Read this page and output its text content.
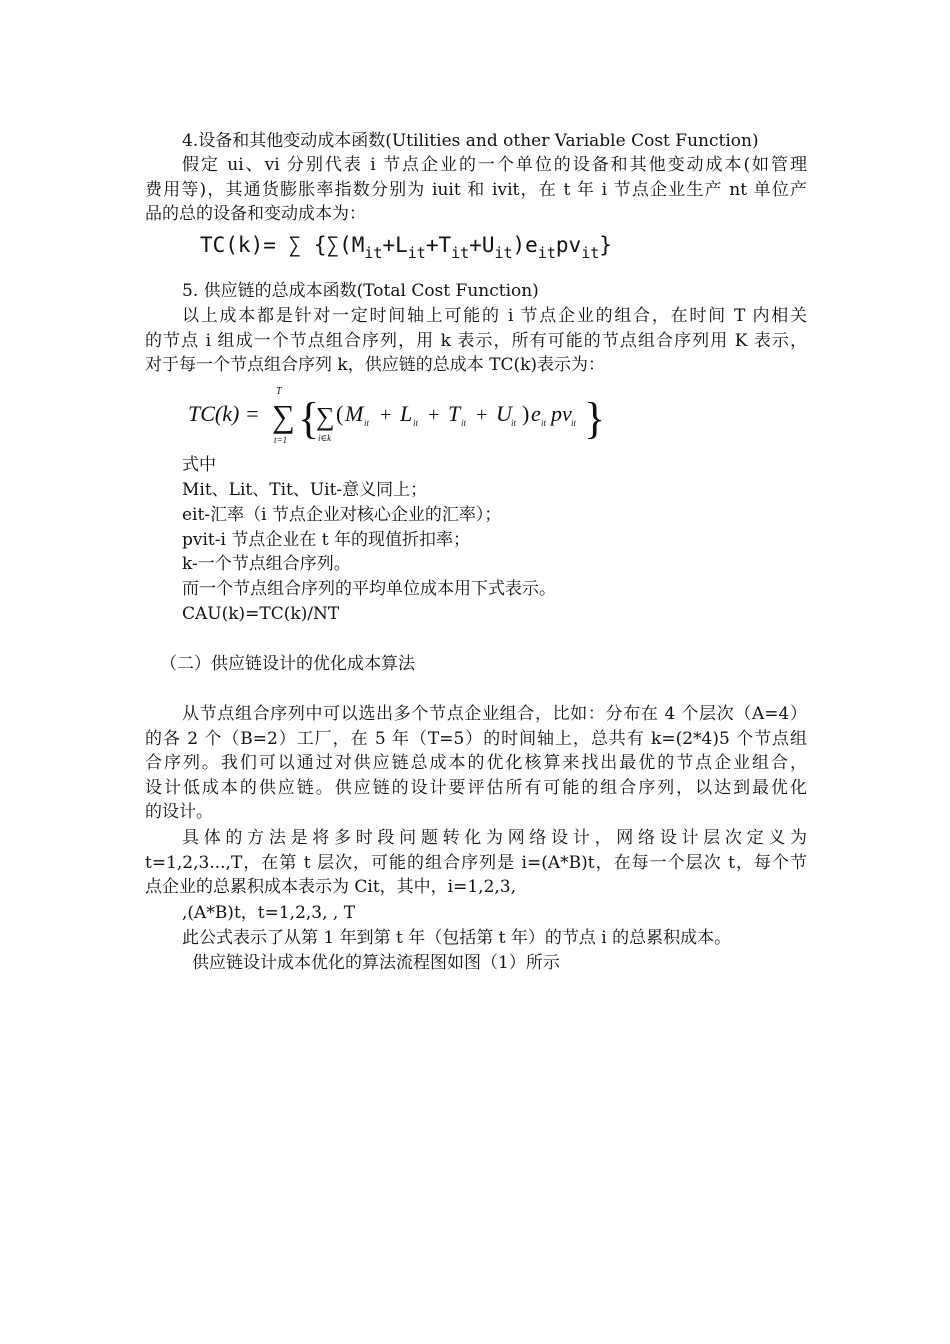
4.设备和其他变动成本函数(Utilities and other Variable Cost Function)
假定 ui、vi 分别代表 i 节点企业的一个单位的设备和其他变动成本(如管理
费用等)，其通货膨胀率指数分别为 iuit 和 ivit，在 t 年 i 节点企业生产 nt 单位产
品的总的设备和变动成本为：
TC(k)= ∑ $\{\sum(M_{it}+L_{it}+T_{it}+U_{it})e_{it}pv_{it}\}$
5. 供应链的总成本函数(Total Cost Function)
以上成本都是针对一定时间轴上可能的 i 节点企业的组合，在时间 T 内相关
的节点 i 组成一个节点组合序列，用 k 表示，所有可能的节点组合序列用 K 表示，
对于每一个节点组合序列 k，供应链的总成本 TC(k)表示为：
TC(k) =
T
∑
t=1 {
∑
i∈k
( M it + L it + T it + U it ) e it pv it }
式中
Mit、Lit、Tit、Uit-意义同上；
eit-汇率（i 节点企业对核心企业的汇率）；
pvit-i 节点企业在 t 年的现值折扣率；
k-一个节点组合序列。
而一个节点组合序列的平均单位成本用下式表示。
CAU(k)=TC(k)/NT
（二）供应链设计的优化成本算法
从节点组合序列中可以选出多个节点企业组合，比如：分布在 4 个层次（A=4）
的各 2 个（B=2）工厂，在 5 年（T=5）的时间轴上，总共有 k=(2*4)5 个节点组
合序列。我们可以通过对供应链总成本的优化核算来找出最优的节点企业组合，
设计低成本的供应链。供应链的设计要评估所有可能的组合序列，以达到最优化
的设计。
具体的方法是将多时段问题转化为网络设计，网络设计层次定义为
t=1,2,3...,T，在第 t 层次，可能的组合序列是 i=(A*B)t，在每一个层次 t，每个节
点企业的总累积成本表示为 Cit，其中，i=1,2,3,
,(A*B)t，t=1,2,3, , T
此公式表示了从第 1 年到第 t 年（包括第 t 年）的节点 i 的总累积成本。
供应链设计成本优化的算法流程图如图（1）所示
